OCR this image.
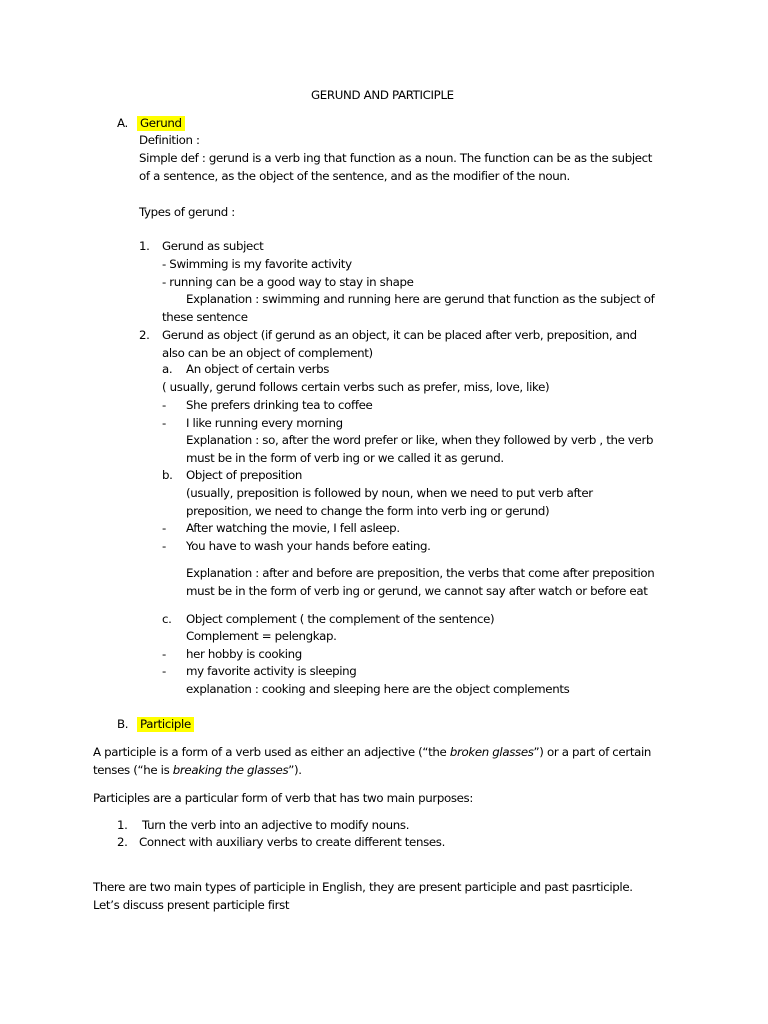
GERUND AND PARTICIPLE
A. Gerund
Definition :
Simple def : gerund is a verb ing that function as a noun. The function can be as the subject
of a sentence, as the object of the sentence, and as the modifier of the noun.
Types of gerund :
1. Gerund as subject
- Swimming is my favorite activity
- running can be a good way to stay in shape
Explanation : swimming and running here are gerund that function as the subject of
these sentence
2. Gerund as object (if gerund as an object, it can be placed after verb, preposition, and
also can be an object of complement)
a. An object of certain verbs
( usually, gerund follows certain verbs such as prefer, miss, love, like)
- She prefers drinking tea to coffee
- I like running every morning
Explanation : so, after the word prefer or like, when they followed by verb , the verb
must be in the form of verb ing or we called it as gerund.
b. Object of preposition
(usually, preposition is followed by noun, when we need to put verb after
preposition, we need to change the form into verb ing or gerund)
- After watching the movie, I fell asleep.
- You have to wash your hands before eating.
Explanation : after and before are preposition, the verbs that come after preposition
must be in the form of verb ing or gerund, we cannot say after watch or before eat
c. Object complement ( the complement of the sentence)
Complement = pelengkap.
- her hobby is cooking
- my favorite activity is sleeping
explanation : cooking and sleeping here are the object complements
B. Participle
A participle is a form of a verb used as either an adjective (“the broken glasses”) or a part of certain
tenses (“he is breaking the glasses”).
Participles are a particular form of verb that has two main purposes:
1. Turn the verb into an adjective to modify nouns.
2. Connect with auxiliary verbs to create different tenses.
There are two main types of participle in English, they are present participle and past pasrticiple.
Let’s discuss present participle first
